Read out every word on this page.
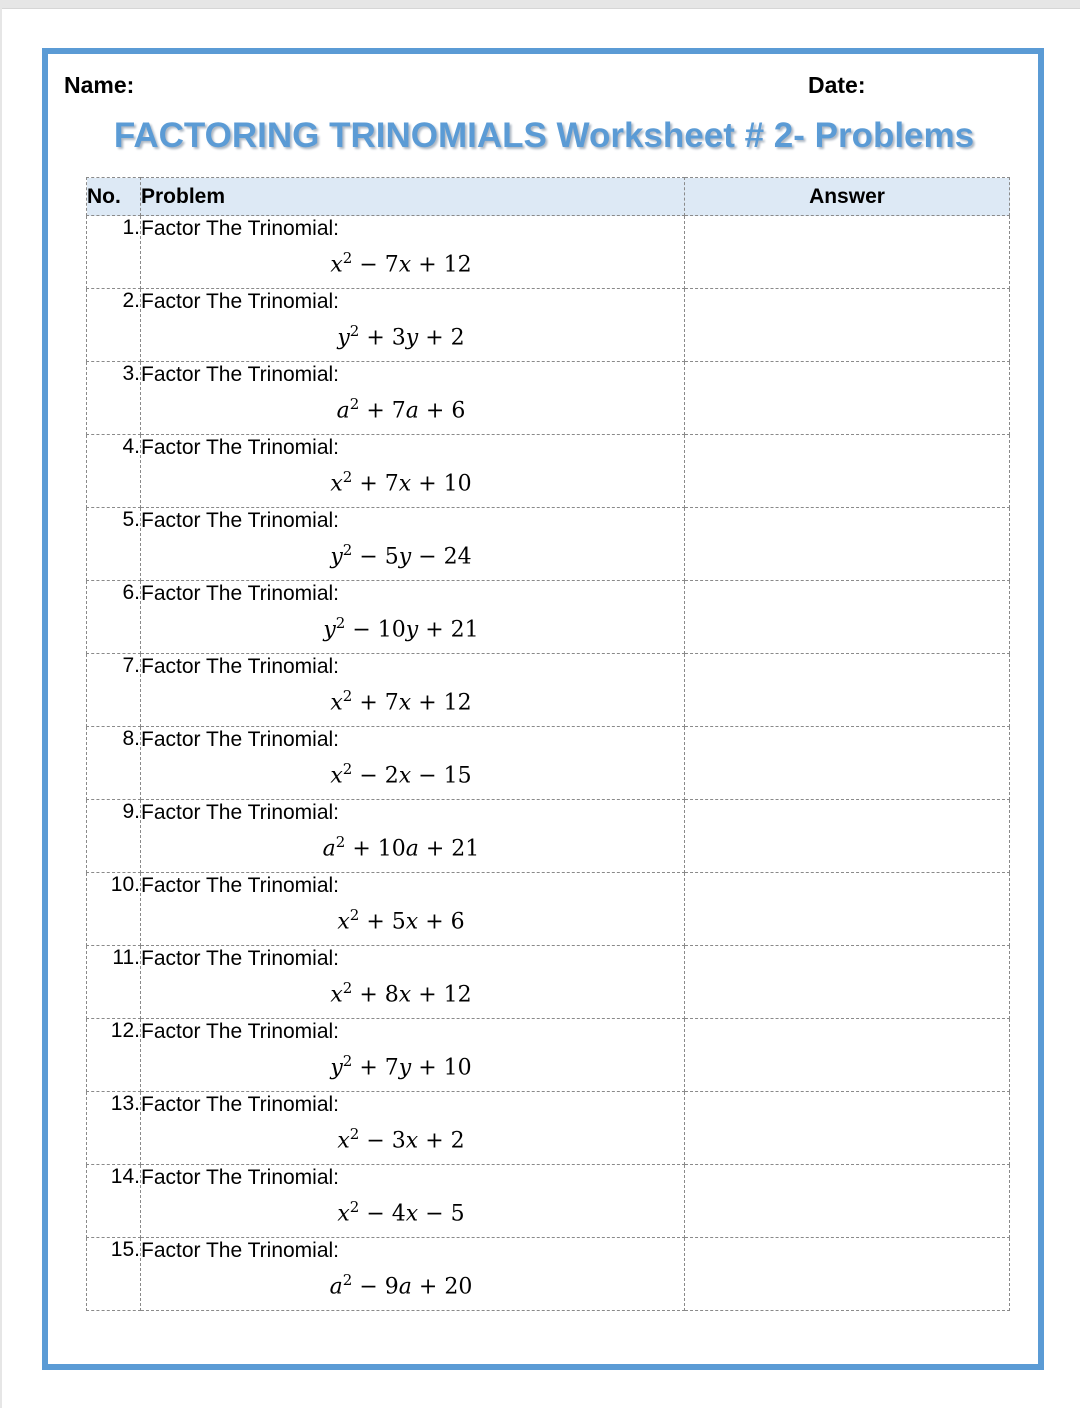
Name:	Date:
FACTORING TRINOMIALS Worksheet # 2- Problems
No.	Problem	Answer
1.	Factor The Trinomial:
$x^2 - 7x + 12$	

2.	Factor The Trinomial:
$y^2 + 3y + 2$	

3.	Factor The Trinomial:
$a^2 + 7a + 6$	

4.	Factor The Trinomial:
$x^2 + 7x + 10$	

5.	Factor The Trinomial:
$y^2 - 5y - 24$	

6.	Factor The Trinomial:
$y^2 - 10y + 21$	

7.	Factor The Trinomial:
$x^2 + 7x + 12$	

8.	Factor The Trinomial:
$x^2 - 2x - 15$	

9.	Factor The Trinomial:
$a^2 + 10a + 21$	

10.	Factor The Trinomial:
$x^2 + 5x + 6$	

11.	Factor The Trinomial:
$x^2 + 8x + 12$	

12.	Factor The Trinomial:
$y^2 + 7y + 10$	

13.	Factor The Trinomial:
$x^2 - 3x + 2$	

14.	Factor The Trinomial:
$x^2 - 4x - 5$	

15.	Factor The Trinomial:
$a^2 - 9a + 20$	
